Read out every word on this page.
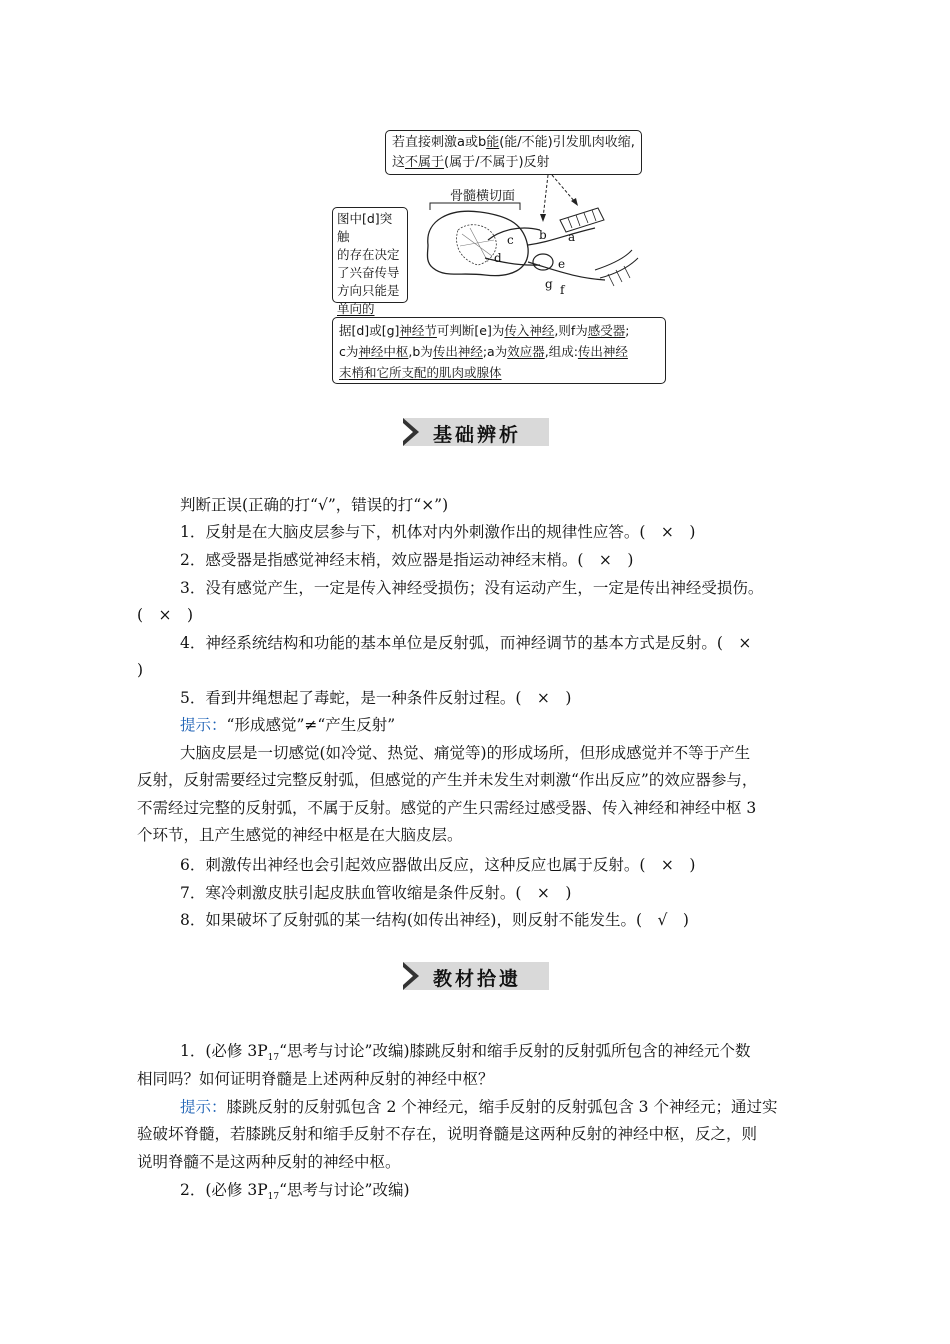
若直接刺激a或b能(能/不能)引发肌肉收缩,
这不属于(属于/不属于)反射
图中[d]突触
的存在决定
了兴奋传导
方向只能是
单向的
骨髓横切面
a
b
c
d	e
f
g
据[d]或[g]神经节可判断[e]为传入神经,则f为感受器;
c为神经中枢,b为传出神经;a为效应器,组成:传出神经
末梢和它所支配的肌肉或腺体
基础辨析
判断正误(正确的打“√”，错误的打“×”)
1．反射是在大脑皮层参与下，机体对内外刺激作出的规律性应答。(　×　)
2．感受器是指感觉神经末梢，效应器是指运动神经末梢。(　×　)
3．没有感觉产生，一定是传入神经受损伤；没有运动产生，一定是传出神经受损伤。
(　×　)
4．神经系统结构和功能的基本单位是反射弧，而神经调节的基本方式是反射。(　×
)
5．看到井绳想起了毒蛇，是一种条件反射过程。(　×　)
提示：“形成感觉”≠“产生反射”
大脑皮层是一切感觉(如冷觉、热觉、痛觉等)的形成场所，但形成感觉并不等于产生
反射，反射需要经过完整反射弧，但感觉的产生并未发生对刺激“作出反应”的效应器参与，
不需经过完整的反射弧，不属于反射。感觉的产生只需经过感受器、传入神经和神经中枢 3
个环节，且产生感觉的神经中枢是在大脑皮层。
6．刺激传出神经也会引起效应器做出反应，这种反应也属于反射。(　×　)
7．寒冷刺激皮肤引起皮肤血管收缩是条件反射。(　×　)
8．如果破坏了反射弧的某一结构(如传出神经)，则反射不能发生。(　√　)
教材拾遗
1．(必修 $3P_{17}“$思考与讨论”改编)膝跳反射和缩手反射的反射弧所包含的神经元个数
相同吗？如何证明脊髓是上述两种反射的神经中枢？
提示：膝跳反射的反射弧包含 2 个神经元，缩手反射的反射弧包含 3 个神经元；通过实
验破坏脊髓，若膝跳反射和缩手反射不存在，说明脊髓是这两种反射的神经中枢，反之，则
说明脊髓不是这两种反射的神经中枢。
2．(必修 $3P_{17}“$思考与讨论”改编)
